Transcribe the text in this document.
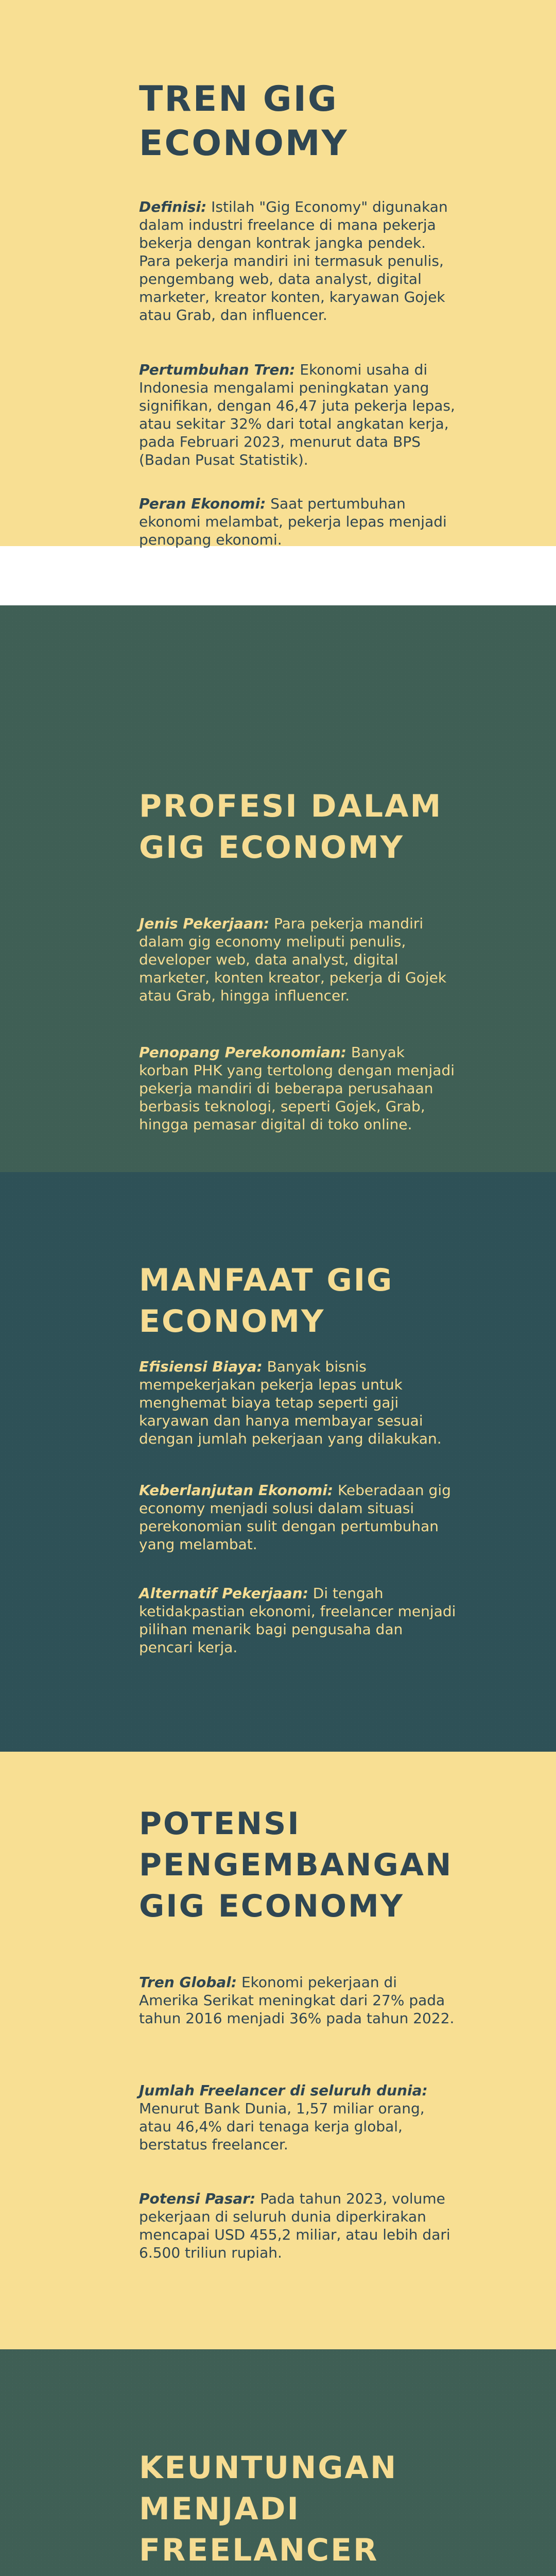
TREN GIG ECONOMY
Definisi: Istilah "Gig Economy" digunakan dalam industri freelance di mana pekerja bekerja dengan kontrak jangka pendek. Para pekerja mandiri ini termasuk penulis, pengembang web, data analyst, digital marketer, kreator konten, karyawan Gojek atau Grab, dan influencer.
Pertumbuhan Tren: Ekonomi usaha di Indonesia mengalami peningkatan yang signifikan, dengan 46,47 juta pekerja lepas, atau sekitar 32% dari total angkatan kerja, pada Februari 2023, menurut data BPS (Badan Pusat Statistik).
Peran Ekonomi: Saat pertumbuhan ekonomi melambat, pekerja lepas menjadi penopang ekonomi.
PROFESI DALAM GIG ECONOMY
Jenis Pekerjaan: Para pekerja mandiri dalam gig economy meliputi penulis, developer web, data analyst, digital marketer, konten kreator, pekerja di Gojek atau Grab, hingga influencer.
Penopang Perekonomian: Banyak korban PHK yang tertolong dengan menjadi pekerja mandiri di beberapa perusahaan berbasis teknologi, seperti Gojek, Grab, hingga pemasar digital di toko online.
MANFAAT GIG ECONOMY
Efisiensi Biaya: Banyak bisnis mempekerjakan pekerja lepas untuk menghemat biaya tetap seperti gaji karyawan dan hanya membayar sesuai dengan jumlah pekerjaan yang dilakukan.
Keberlanjutan Ekonomi: Keberadaan gig economy menjadi solusi dalam situasi perekonomian sulit dengan pertumbuhan yang melambat.
Alternatif Pekerjaan: Di tengah ketidakpastian ekonomi, freelancer menjadi pilihan menarik bagi pengusaha dan pencari kerja.
POTENSI PENGEMBANGAN GIG ECONOMY
Tren Global: Ekonomi pekerjaan di Amerika Serikat meningkat dari 27% pada tahun 2016 menjadi 36% pada tahun 2022.
Jumlah Freelancer di seluruh dunia: Menurut Bank Dunia, 1,57 miliar orang, atau 46,4% dari tenaga kerja global, berstatus freelancer.
Potensi Pasar: Pada tahun 2023, volume pekerjaan di seluruh dunia diperkirakan mencapai USD 455,2 miliar, atau lebih dari 6.500 triliun rupiah.
KEUNTUNGAN MENJADI FREELANCER
